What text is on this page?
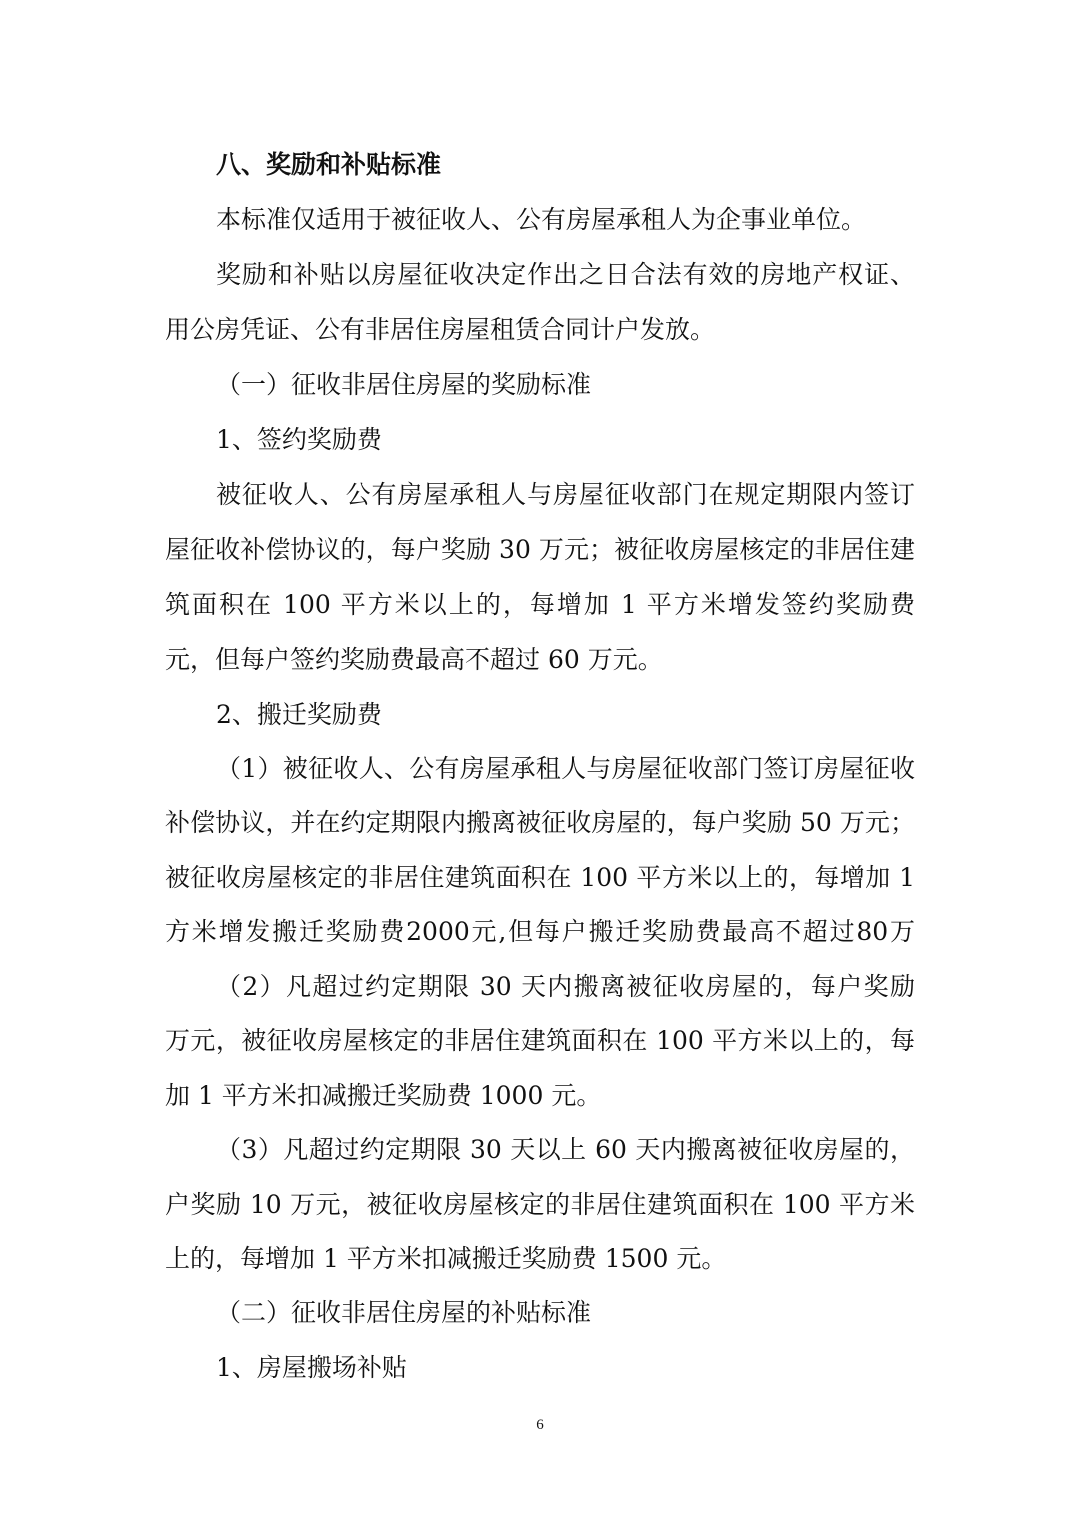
八、奖励和补贴标准
本标准仅适用于被征收人、公有房屋承租人为企事业单位。
奖励和补贴以房屋征收决定作出之日合法有效的房地产权证、
用公房凭证、公有非居住房屋租赁合同计户发放。
（一）征收非居住房屋的奖励标准
1、签约奖励费
被征收人、公有房屋承租人与房屋征收部门在规定期限内签订
屋征收补偿协议的，每户奖励 30 万元；被征收房屋核定的非居住建
筑面积在 100 平方米以上的，每增加 1 平方米增发签约奖励费
元，但每户签约奖励费最高不超过 60 万元。
2、搬迁奖励费
（1）被征收人、公有房屋承租人与房屋征收部门签订房屋征收
补偿协议，并在约定期限内搬离被征收房屋的，每户奖励 50 万元；
被征收房屋核定的非居住建筑面积在 100 平方米以上的，每增加 1
方米增发搬迁奖励费2000元,但每户搬迁奖励费最高不超过80万
（2）凡超过约定期限 30 天内搬离被征收房屋的，每户奖励
万元，被征收房屋核定的非居住建筑面积在 100 平方米以上的，每
加 1 平方米扣减搬迁奖励费 1000 元。
（3）凡超过约定期限 30 天以上 60 天内搬离被征收房屋的，
户奖励 10 万元，被征收房屋核定的非居住建筑面积在 100 平方米
上的，每增加 1 平方米扣减搬迁奖励费 1500 元。
（二）征收非居住房屋的补贴标准
1、房屋搬场补贴
6
